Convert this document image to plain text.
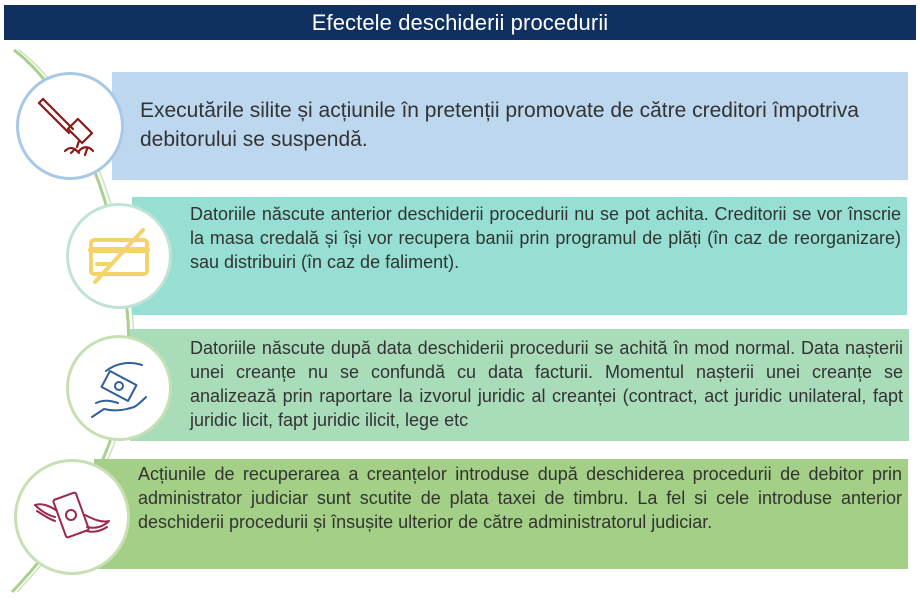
Efectele deschiderii procedurii
Executările silite și acțiunile în pretenții promovate de către creditori împotriva debitorului se suspendă.
Datoriile născute anterior deschiderii procedurii nu se pot achita. Creditorii se vor înscrie la masa credală și își vor recupera banii prin programul de plăți (în caz de reorganizare) sau distribuiri (în caz de faliment).
Datoriile născute după data deschiderii procedurii se achită în mod normal. Data nașterii unei creanțe nu se confundă cu data facturii. Momentul nașterii unei creanțe se analizează prin raportare la izvorul juridic al creanței (contract, act juridic unilateral, fapt juridic licit, fapt juridic ilicit, lege etc
Acțiunile de recuperarea a creanțelor introduse după deschiderea procedurii de debitor prin administrator judiciar sunt scutite de plata taxei de timbru. La fel si cele introduse anterior deschiderii procedurii și însușite ulterior de către administratorul judiciar.
